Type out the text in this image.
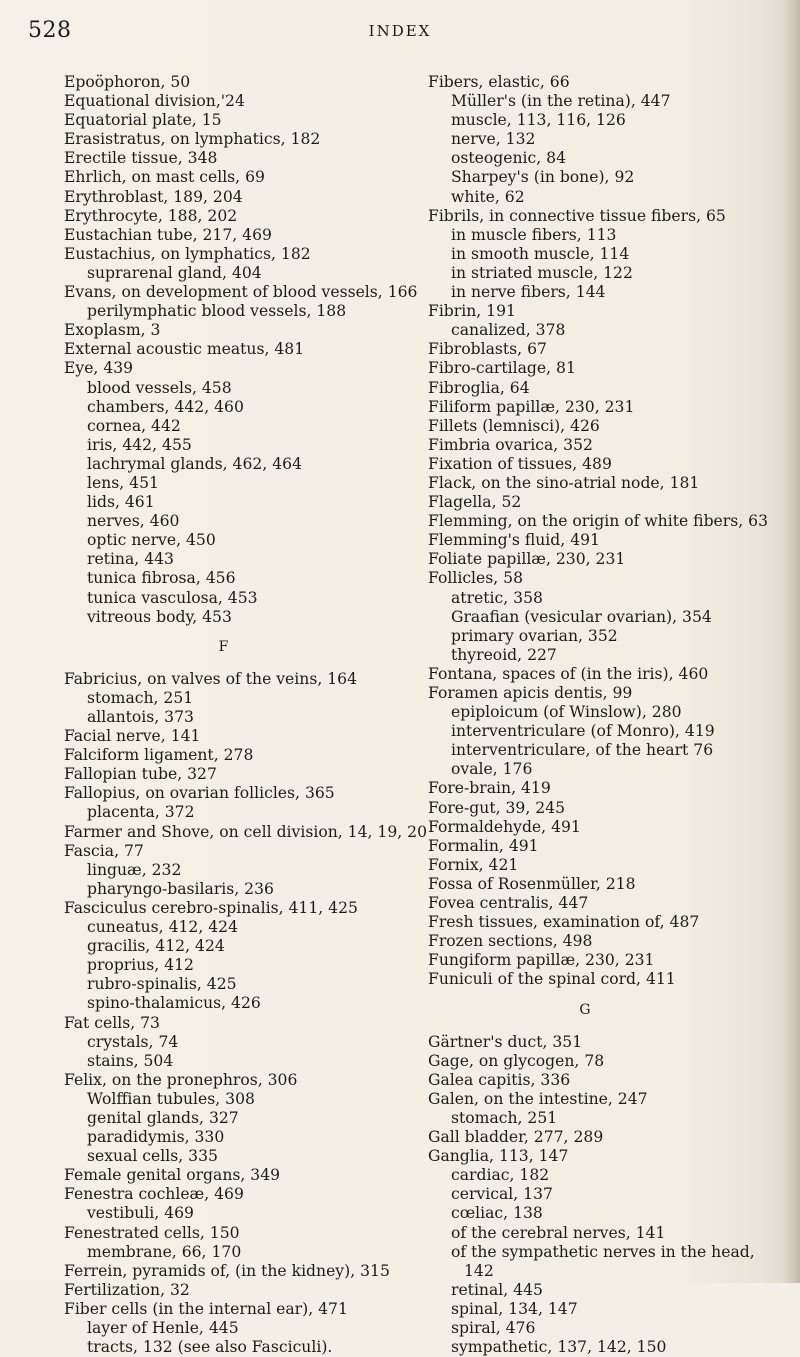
528	INDEX
Epoöphoron, 50
Equational division,'24
Equatorial plate, 15
Erasistratus, on lymphatics, 182
Erectile tissue, 348
Ehrlich, on mast cells, 69
Erythroblast, 189, 204
Erythrocyte, 188, 202
Eustachian tube, 217, 469
Eustachius, on lymphatics, 182
suprarenal gland, 404
Evans, on development of blood vessels, 166
perilymphatic blood vessels, 188
Exoplasm, 3
External acoustic meatus, 481
Eye, 439
blood vessels, 458
chambers, 442, 460
cornea, 442
iris, 442, 455
lachrymal glands, 462, 464
lens, 451
lids, 461
nerves, 460
optic nerve, 450
retina, 443
tunica fibrosa, 456
tunica vasculosa, 453
vitreous body, 453
F
Fabricius, on valves of the veins, 164
stomach, 251
allantois, 373
Facial nerve, 141
Falciform ligament, 278
Fallopian tube, 327
Fallopius, on ovarian follicles, 365
placenta, 372
Farmer and Shove, on cell division, 14, 19, 20
Fascia, 77
linguæ, 232
pharyngo-basilaris, 236
Fasciculus cerebro-spinalis, 411, 425
cuneatus, 412, 424
gracilis, 412, 424
proprius, 412
rubro-spinalis, 425
spino-thalamicus, 426
Fat cells, 73
crystals, 74
stains, 504
Felix, on the pronephros, 306
Wolffian tubules, 308
genital glands, 327
paradidymis, 330
sexual cells, 335
Female genital organs, 349
Fenestra cochleæ, 469
vestibuli, 469
Fenestrated cells, 150
membrane, 66, 170
Ferrein, pyramids of, (in the kidney), 315
Fertilization, 32
Fiber cells (in the internal ear), 471
layer of Henle, 445
tracts, 132 (see also Fasciculi).
Fibers, elastic, 66
Müller's (in the retina), 447
muscle, 113, 116, 126
nerve, 132
osteogenic, 84
Sharpey's (in bone), 92
white, 62
Fibrils, in connective tissue fibers, 65
in muscle fibers, 113
in smooth muscle, 114
in striated muscle, 122
in nerve fibers, 144
Fibrin, 191
canalized, 378
Fibroblasts, 67
Fibro-cartilage, 81
Fibroglia, 64
Filiform papillæ, 230, 231
Fillets (lemnisci), 426
Fimbria ovarica, 352
Fixation of tissues, 489
Flack, on the sino-atrial node, 181
Flagella, 52
Flemming, on the origin of white fibers, 63
Flemming's fluid, 491
Foliate papillæ, 230, 231
Follicles, 58
atretic, 358
Graafian (vesicular ovarian), 354
primary ovarian, 352
thyreoid, 227
Fontana, spaces of (in the iris), 460
Foramen apicis dentis, 99
epiploicum (of Winslow), 280
interventriculare (of Monro), 419
interventriculare, of the heart 76
ovale, 176
Fore-brain, 419
Fore-gut, 39, 245
Formaldehyde, 491
Formalin, 491
Fornix, 421
Fossa of Rosenmüller, 218
Fovea centralis, 447
Fresh tissues, examination of, 487
Frozen sections, 498
Fungiform papillæ, 230, 231
Funiculi of the spinal cord, 411
G
Gärtner's duct, 351
Gage, on glycogen, 78
Galea capitis, 336
Galen, on the intestine, 247
stomach, 251
Gall bladder, 277, 289
Ganglia, 113, 147
cardiac, 182
cervical, 137
cœliac, 138
of the cerebral nerves, 141
of the sympathetic nerves in the head,
142
retinal, 445
spinal, 134, 147
spiral, 476
sympathetic, 137, 142, 150
